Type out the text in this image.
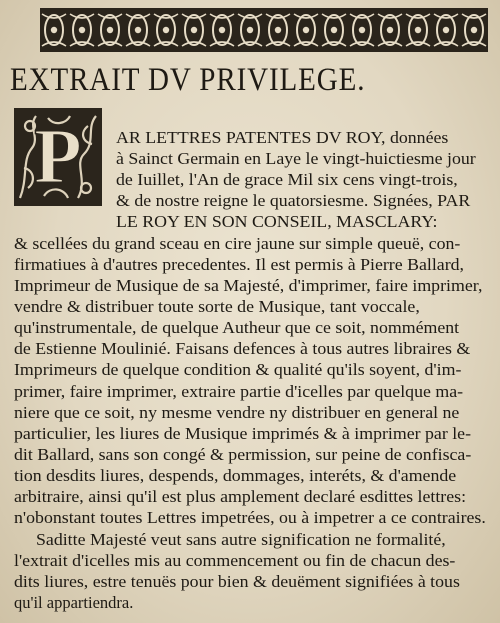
EXTRAIT DV PRIVILEGE.
P AR LETTRES PATENTES DV ROY, données
à Sainct Germain en Laye le vingt-huictiesme jour
de Iuillet, l'An de grace Mil six cens vingt-trois,
& de nostre reigne le quatorsiesme. Signées, PAR
LE ROY EN SON CONSEIL, MASCLARY:
& scellées du grand sceau en cire jaune sur simple queuë, con-
firmatiues à d'autres precedentes. Il est permis à Pierre Ballard,
Imprimeur de Musique de sa Majesté, d'imprimer, faire imprimer,
vendre & distribuer toute sorte de Musique, tant voccale,
qu'instrumentale, de quelque Autheur que ce soit, nommément
de Estienne Moulinié. Faisans defences à tous autres libraires &
Imprimeurs de quelque condition & qualité qu'ils soyent, d'im-
primer, faire imprimer, extraire partie d'icelles par quelque ma-
niere que ce soit, ny mesme vendre ny distribuer en general ne
particulier, les liures de Musique imprimés & à imprimer par le-
dit Ballard, sans son congé & permission, sur peine de confisca-
tion desdits liures, despends, dommages, interéts, & d'amende
arbitraire, ainsi qu'il est plus amplement declaré esdittes lettres:
n'obonstant toutes Lettres impetrées, ou à impetrer a ce contraires.
Saditte Majesté veut sans autre signification ne formalité,
l'extrait d'icelles mis au commencement ou fin de chacun des-
dits liures, estre tenuës pour bien & deuëment signifiées à tous
qu'il appartiendra.
